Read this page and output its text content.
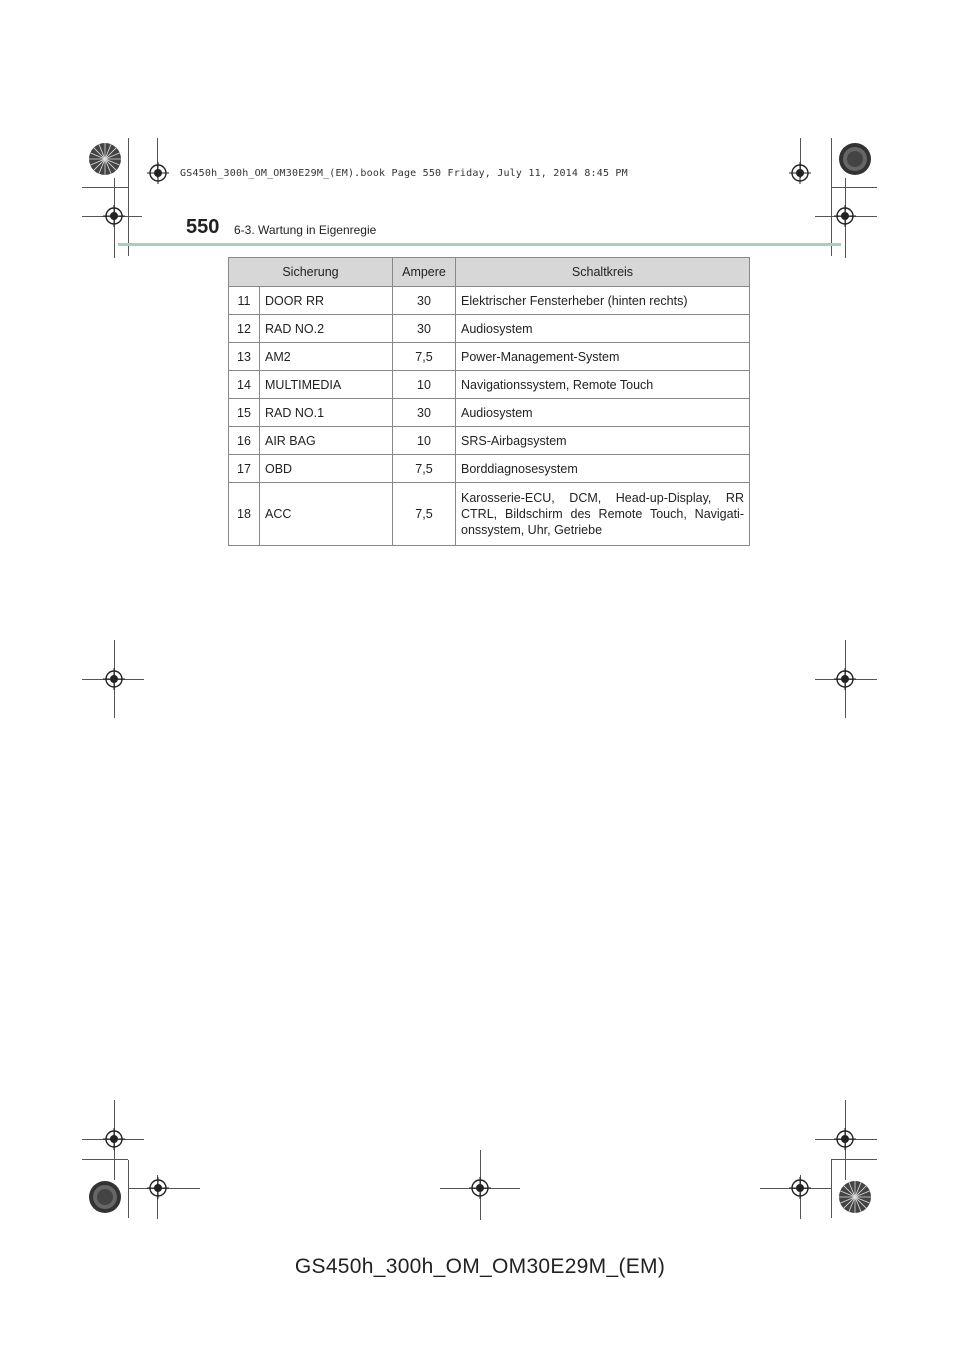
GS450h_300h_OM_OM30E29M_(EM).book Page 550 Friday, July 11, 2014 8:45 PM
550 6-3. Wartung in Eigenregie
Sicherung		Ampere	Schaltkreis
11	DOOR RR	30	Elektrischer Fensterheber (hinten rechts)
12	RAD NO.2	30	Audiosystem
13	AM2	7,5	Power-Management-System
14	MULTIMEDIA	10	Navigationssystem, Remote Touch
15	RAD NO.1	30	Audiosystem
16	AIR BAG	10	SRS-Airbagsystem
17	OBD	7,5	Borddiagnosesystem
18	ACC	7,5	Karosserie-ECU, DCM, Head-up-Display, RR CTRL, Bildschirm des Remote Touch, Navigati-onssystem, Uhr, Getriebe
GS450h_300h_OM_OM30E29M_(EM)
